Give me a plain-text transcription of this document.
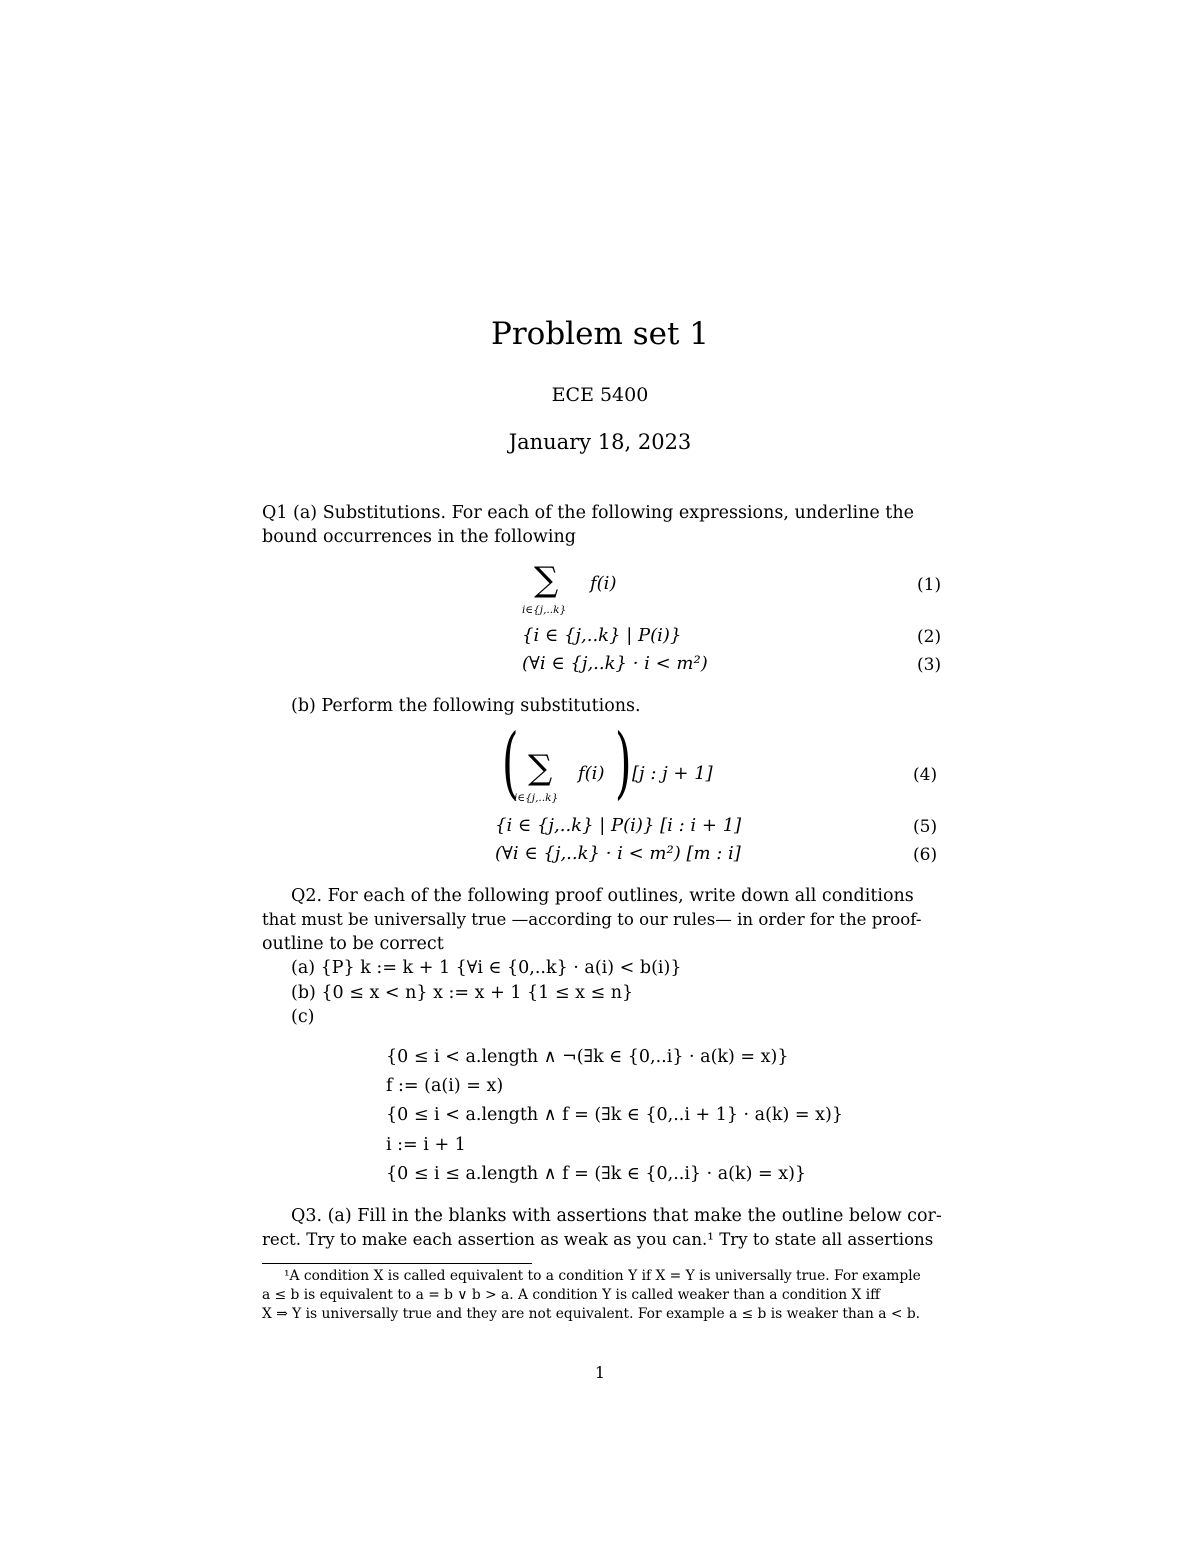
Problem set 1
ECE 5400
January 18, 2023
Q1 (a) Substitutions. For each of the following expressions, underline the
bound occurrences in the following
∑
i∈{j,..k}
f(i)	(1)
{i ∈ {j,..k} | P(i)}	(2)
(∀i ∈ {j,..k} · i < m²)	(3)
(b) Perform the following substitutions.
( ∑
i∈{j,..k}
f(i) ) [j : j + 1]	(4)
{i ∈ {j,..k} | P(i)} [i : i + 1]	(5)
(∀i ∈ {j,..k} · i < m²) [m : i]	(6)
Q2. For each of the following proof outlines, write down all conditions
that must be universally true —according to our rules— in order for the proof-
outline to be correct
(a) {P} k := k + 1 {∀i ∈ {0,..k} · a(i) < b(i)}
(b) {0 ≤ x < n} x := x + 1 {1 ≤ x ≤ n}
(c)
{0 ≤ i < a.length ∧ ¬(∃k ∈ {0,..i} · a(k) = x)}
f := (a(i) = x)
{0 ≤ i < a.length ∧ f = (∃k ∈ {0,..i + 1} · a(k) = x)}
i := i + 1
{0 ≤ i ≤ a.length ∧ f = (∃k ∈ {0,..i} · a(k) = x)}
Q3. (a) Fill in the blanks with assertions that make the outline below cor-
rect. Try to make each assertion as weak as you can.¹ Try to state all assertions
¹A condition X is called equivalent to a condition Y if X = Y is universally true. For example
a ≤ b is equivalent to a = b ∨ b > a. A condition Y is called weaker than a condition X iff
X ⇒ Y is universally true and they are not equivalent. For example a ≤ b is weaker than a < b.
1
